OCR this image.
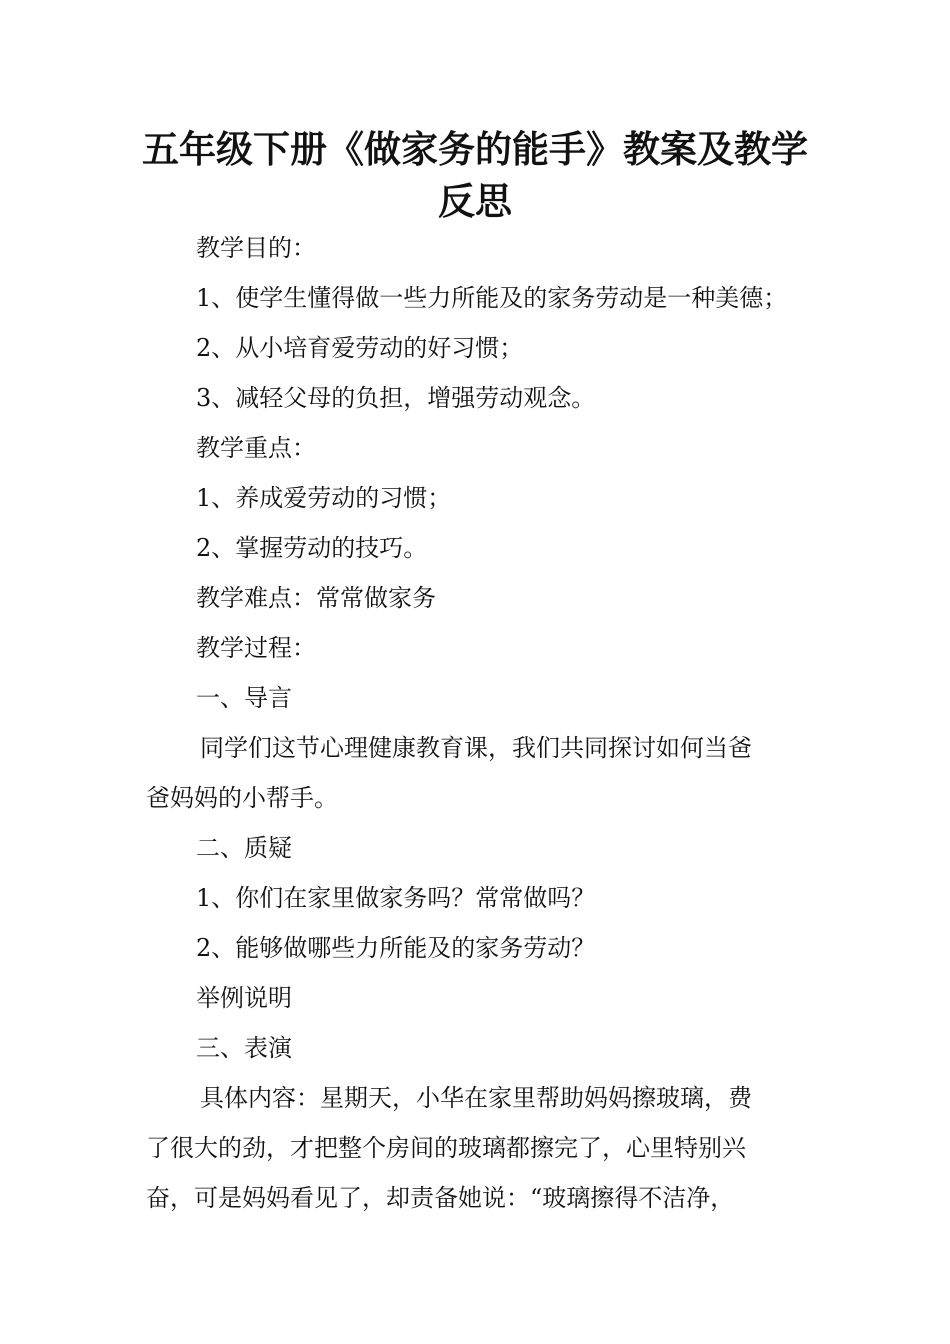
五年级下册《做家务的能手》教案及教学
反思

教学目的：

1、使学生懂得做一些力所能及的家务劳动是一种美德；

2、从小培育爱劳动的好习惯；

3、减轻父母的负担，增强劳动观念。

教学重点：

1、养成爱劳动的习惯；

2、掌握劳动的技巧。

教学难点：常常做家务

教学过程：

一、导言

同学们这节心理健康教育课，我们共同探讨如何当爸

爸妈妈的小帮手。

二、质疑

1、你们在家里做家务吗？常常做吗？

2、能够做哪些力所能及的家务劳动？

举例说明

三、表演

具体内容：星期天，小华在家里帮助妈妈擦玻璃，费

了很大的劲，才把整个房间的玻璃都擦完了，心里特别兴

奋，可是妈妈看见了，却责备她说：“玻璃擦得不洁净，
